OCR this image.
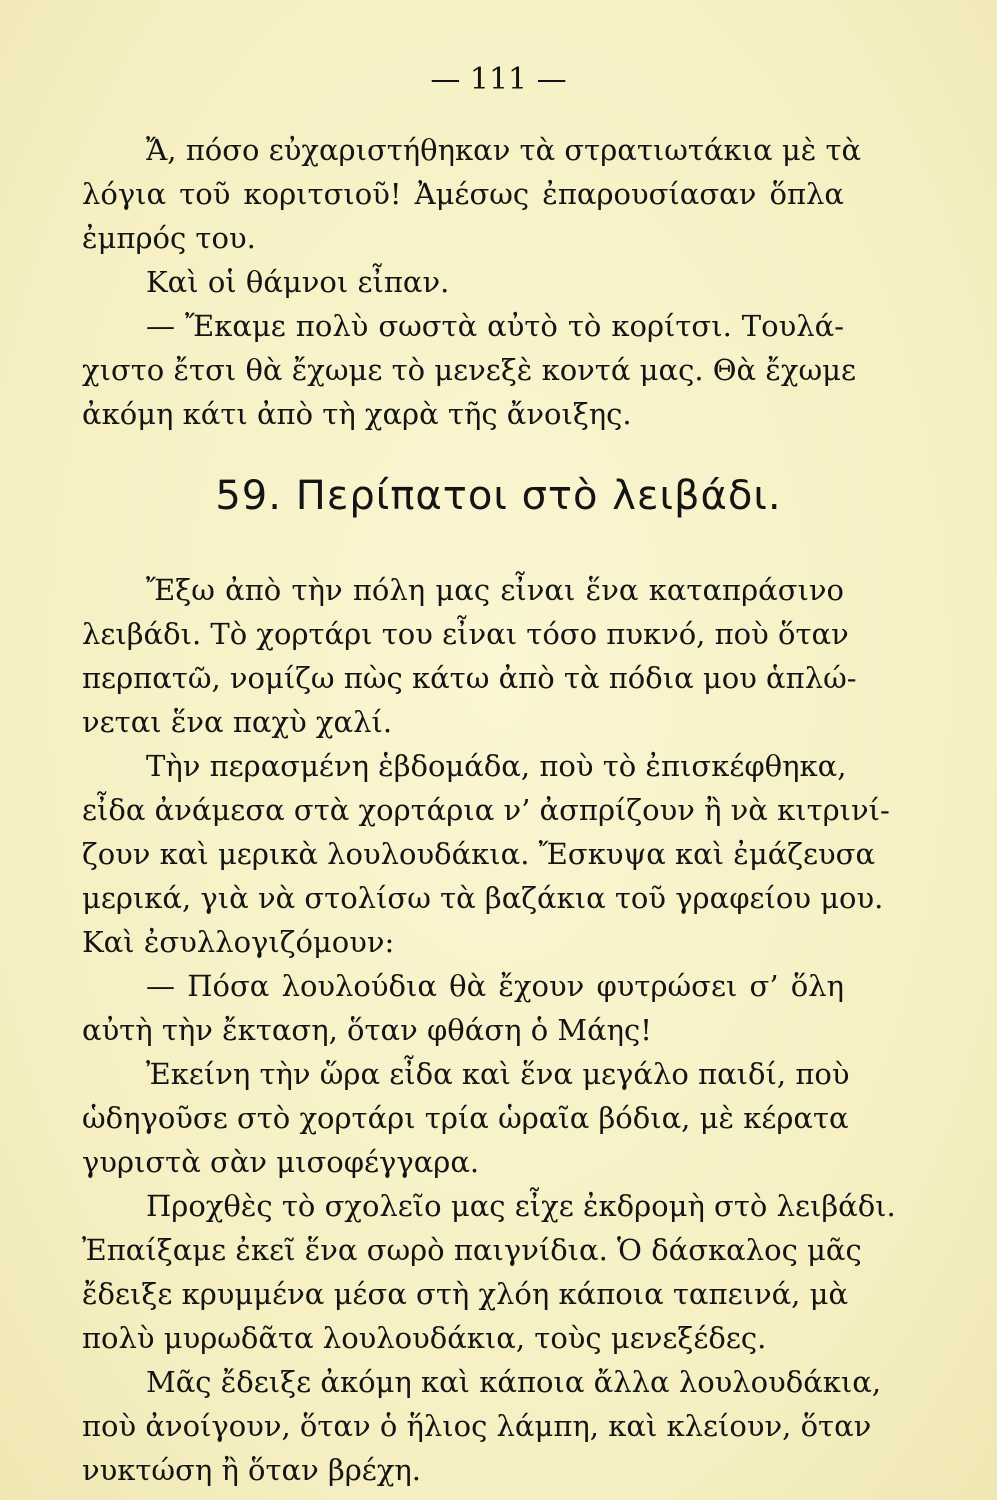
— 111 —
Ἄ, πόσο εὐχαριστήθηκαν τὰ στρατιωτάκια μὲ τὰ
λόγια τοῦ κοριτσιοῦ! Ἀμέσως ἐπαρουσίασαν ὅπλα
ἐμπρός του.
Καὶ οἱ θάμνοι εἶπαν.
— Ἔκαμε πολὺ σωστὰ αὐτὸ τὸ κορίτσι. Τουλά-
χιστο ἔτσι θὰ ἔχωμε τὸ μενεξὲ κοντά μας. Θὰ ἔχωμε
ἀκόμη κάτι ἀπὸ τὴ χαρὰ τῆς ἄνοιξης.
59. Περίπατοι στὸ λειβάδι.
Ἔξω ἀπὸ τὴν πόλη μας εἶναι ἕνα καταπράσινο
λειβάδι. Τὸ χορτάρι του εἶναι τόσο πυκνό, ποὺ ὅταν
περπατῶ, νομίζω πὼς κάτω ἀπὸ τὰ πόδια μου ἁπλώ-
νεται ἕνα παχὺ χαλί.
Τὴν περασμένη ἑβδομάδα, ποὺ τὸ ἐπισκέφθηκα,
εἶδα ἀνάμεσα στὰ χορτάρια ν’ ἀσπρίζουν ἢ νὰ κιτρινί-
ζουν καὶ μερικὰ λουλουδάκια. Ἔσκυψα καὶ ἐμάζευσα
μερικά, γιὰ νὰ στολίσω τὰ βαζάκια τοῦ γραφείου μου.
Καὶ ἐσυλλογιζόμουν:
— Πόσα λουλούδια θὰ ἔχουν φυτρώσει σ’ ὅλη
αὐτὴ τὴν ἔκταση, ὅταν φθάση ὁ Μάης!
Ἐκείνη τὴν ὥρα εἶδα καὶ ἕνα μεγάλο παιδί, ποὺ
ὡδηγοῦσε στὸ χορτάρι τρία ὡραῖα βόδια, μὲ κέρατα
γυριστὰ σὰν μισοφέγγαρα.
Προχθὲς τὸ σχολεῖο μας εἶχε ἐκδρομὴ στὸ λειβάδι.
Ἐπαίξαμε ἐκεῖ ἕνα σωρὸ παιγνίδια. Ὁ δάσκαλος μᾶς
ἔδειξε κρυμμένα μέσα στὴ χλόη κάποια ταπεινά, μὰ
πολὺ μυρωδᾶτα λουλουδάκια, τοὺς μενεξέδες.
Μᾶς ἔδειξε ἀκόμη καὶ κάποια ἄλλα λουλουδάκια,
ποὺ ἀνοίγουν, ὅταν ὁ ἥλιος λάμπη, καὶ κλείουν, ὅταν
νυκτώση ἢ ὅταν βρέχη.
